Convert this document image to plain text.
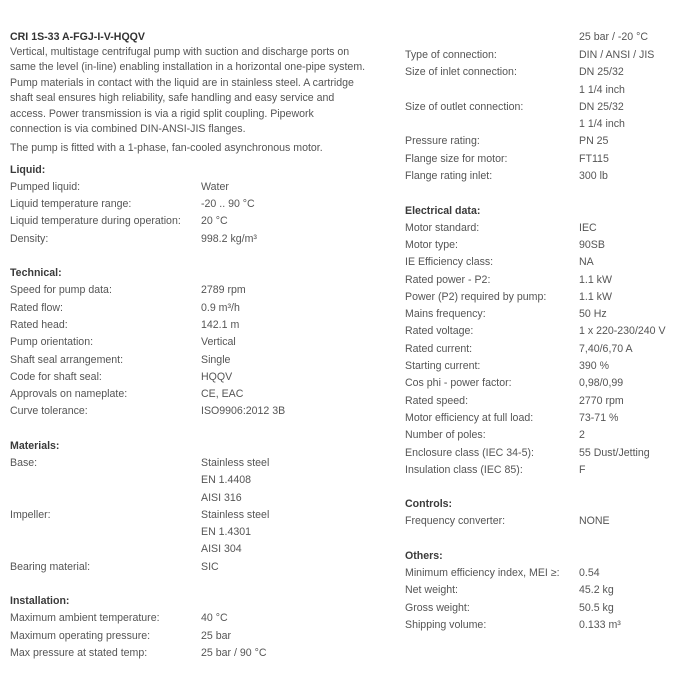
CRI 1S-33 A-FGJ-I-V-HQQV
Vertical, multistage centrifugal pump with suction and discharge ports on
same the level (in-line) enabling installation in a horizontal one-pipe system.
Pump materials in contact with the liquid are in stainless steel. A cartridge
shaft seal ensures high reliability, safe handling and easy service and
access. Power transmission is via a rigid split coupling. Pipework
connection is via combined DIN-ANSI-JIS flanges.
The pump is fitted with a 1-phase, fan-cooled asynchronous motor.
Liquid:
Pumped liquid:	Water
Liquid temperature range:	-20 .. 90 °C
Liquid temperature during operation: 20 °C
Density:	998.2 kg/m³
Technical:
Speed for pump data:	2789 rpm
Rated flow:	0.9 m³/h
Rated head:	142.1 m
Pump orientation:	Vertical
Shaft seal arrangement:	Single
Code for shaft seal:	HQQV
Approvals on nameplate:	CE, EAC
Curve tolerance:	ISO9906:2012 3B
Materials:
Base:	Stainless steel
EN 1.4408
AISI 316
Impeller:	Stainless steel
EN 1.4301
AISI 304
Bearing material:	SIC
Installation:
Maximum ambient temperature:	40 °C
Maximum operating pressure:	25 bar
Max pressure at stated temp:	25 bar / 90 °C
25 bar / -20 °C
Type of connection:	DIN / ANSI / JIS
Size of inlet connection:	DN 25/32
1 1/4 inch
Size of outlet connection:	DN 25/32
1 1/4 inch
Pressure rating:	PN 25
Flange size for motor:	FT115
Flange rating inlet:	300 lb
Electrical data:
Motor standard:	IEC
Motor type:	90SB
IE Efficiency class:	NA
Rated power - P2:	1.1 kW
Power (P2) required by pump:	1.1 kW
Mains frequency:	50 Hz
Rated voltage:	1 x 220-230/240 V
Rated current:	7,40/6,70 A
Starting current:	390 %
Cos phi - power factor:	0,98/0,99
Rated speed:	2770 rpm
Motor efficiency at full load:	73-71 %
Number of poles:	2
Enclosure class (IEC 34-5):	55 Dust/Jetting
Insulation class (IEC 85):	F
Controls:
Frequency converter:	NONE
Others:
Minimum efficiency index, MEI ≥: 0.54
Net weight:	45.2 kg
Gross weight:	50.5 kg
Shipping volume:	0.133 m³
